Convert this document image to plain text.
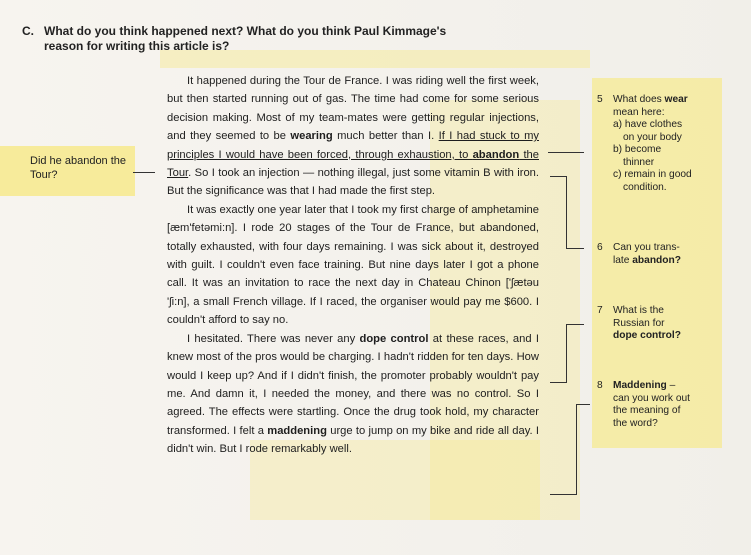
C. What do you think happened next? What do you think Paul Kimmage's
reason for writing this article is?
Did he abandon the Tour?

It happened during the Tour de France. I was riding well the first week, but then started running out of gas. The time had come for some serious decision making. Most of my team-mates were getting regular injections, and they seemed to be wearing much better than I. If I had stuck to my principles I would have been forced, through exhaustion, to abandon the Tour. So I took an injection — nothing illegal, just some vitamin B with iron. But the significance was that I had made the first step.

It was exactly one year later that I took my first charge of amphetamine [æm'fetəmi:n]. I rode 20 stages of the Tour de France, but abandoned, totally exhausted, with four days remaining. I was sick about it, destroyed with guilt. I couldn't even face training. But nine days later I got a phone call. It was an invitation to race the next day in Chateau Chinon ['ʃætəu 'ʃi:n], a small French village. If I raced, the organiser would pay me $600. I couldn't afford to say no.

I hesitated. There was never any dope control at these races, and I knew most of the pros would be charging. I hadn't ridden for ten days. How would I keep up? And if I didn't finish, the promoter probably wouldn't pay me. And damn it, I needed the money, and there was no control. So I agreed. The effects were startling. Once the drug took hold, my character transformed. I felt a maddening urge to jump on my bike and ride all day. I didn't win. But I rode remarkably well.

5	What does wear
mean here:
a) have clothes
on your body
b) become
thinner
c) remain in good
condition.
6	Can you trans-
late abandon?
7	What is the
Russian for
dope control?
8	Maddening –
can you work out
the meaning of
the word?
